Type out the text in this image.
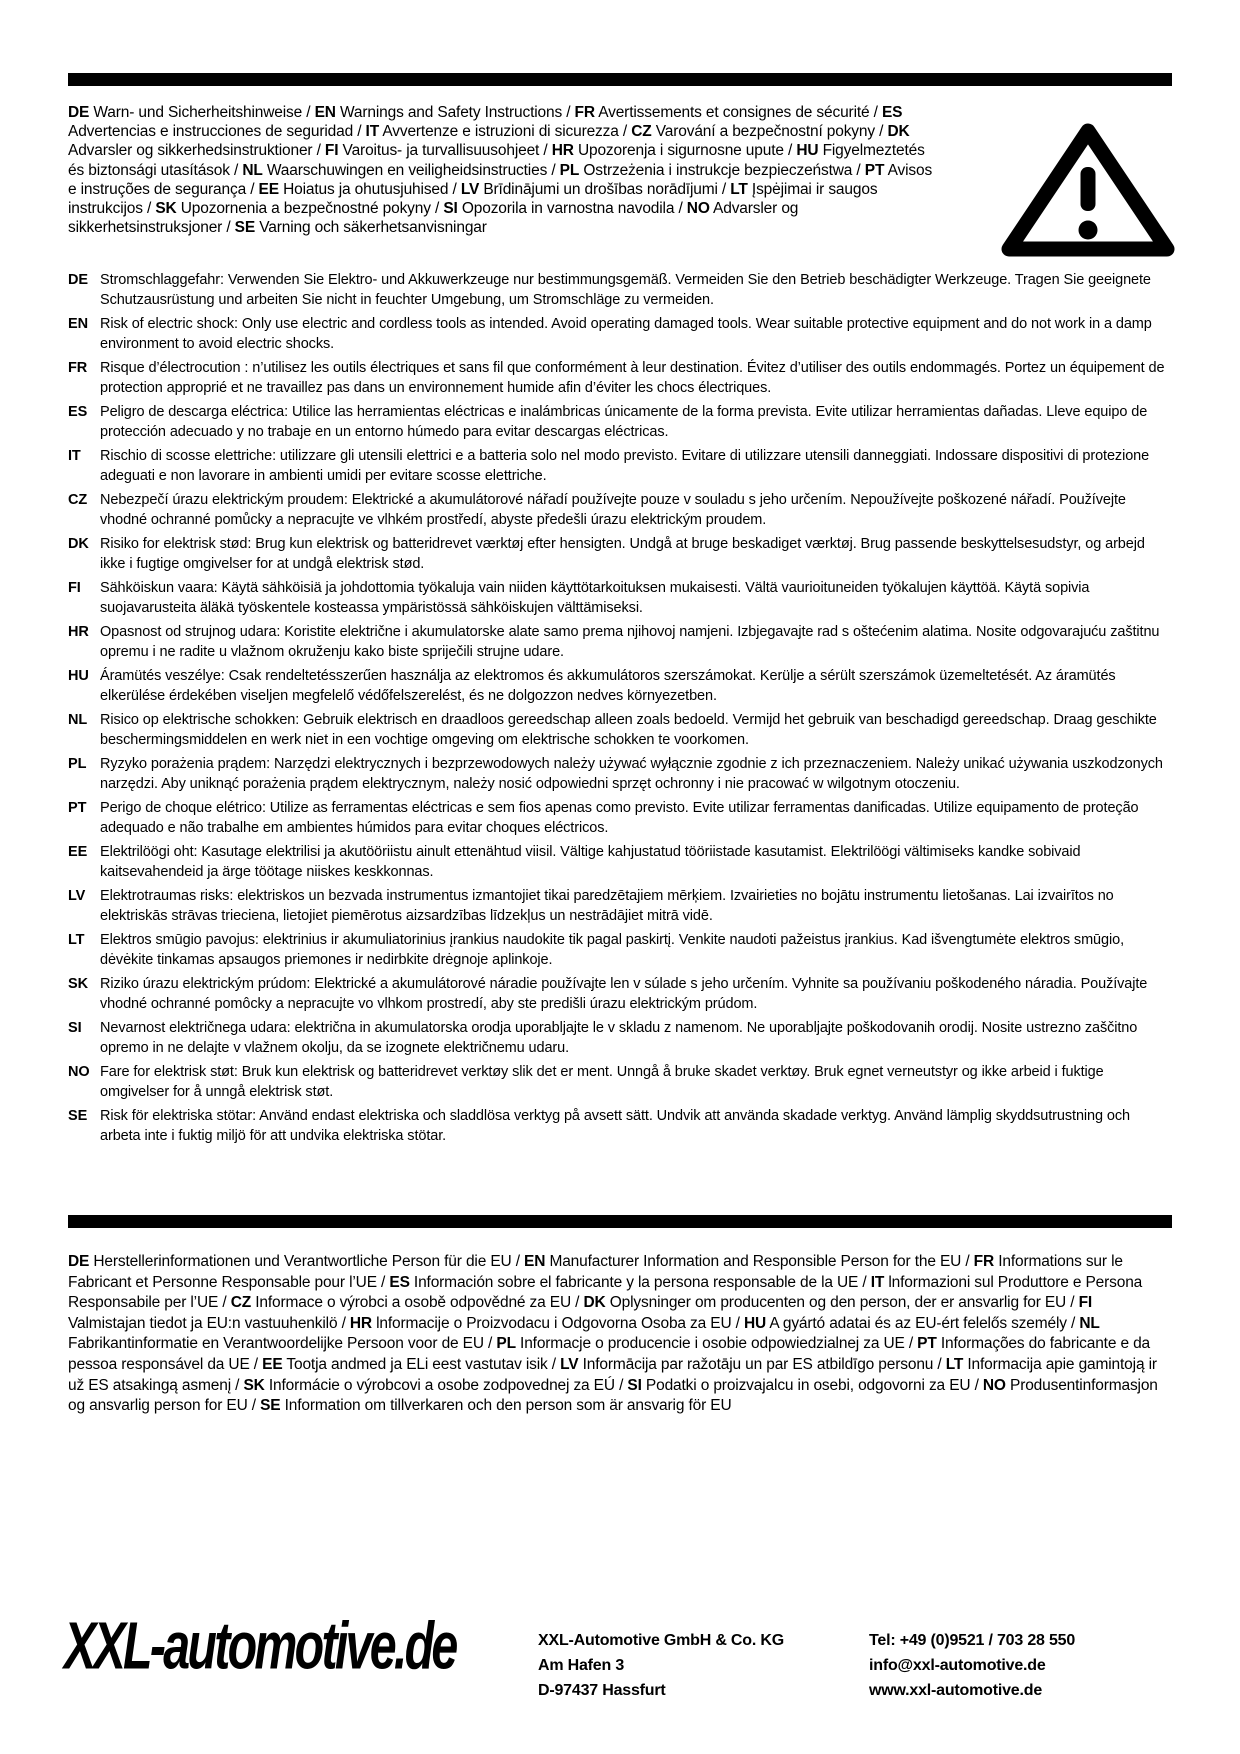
DE Warn- und Sicherheitshinweise / EN Warnings and Safety Instructions / FR Avertissements et consignes de sécurité / ES Advertencias e instrucciones de seguridad / IT Avvertenze e istruzioni di sicurezza / CZ Varování a bezpečnostní pokyny / DK Advarsler og sikkerhedsinstruktioner / FI Varoitus- ja turvallisuusohjeet / HR Upozorenja i sigurnosne upute / HU Figyelmeztetés és biztonsági utasítások / NL Waarschuwingen en veiligheidsinstructies / PL Ostrzeżenia i instrukcje bezpieczeństwa / PT Avisos e instruções de segurança / EE Hoiatus ja ohutusjuhised / LV Brīdinājumi un drošības norādījumi / LT Įspėjimai ir saugos instrukcijos / SK Upozornenia a bezpečnostné pokyny / SI Opozorila in varnostna navodila / NO Advarsler og sikkerhetsinstruksjoner / SE Varning och säkerhetsanvisningar
DE Stromschlaggefahr: Verwenden Sie Elektro- und Akkuwerkzeuge nur bestimmungsgemäß. Vermeiden Sie den Betrieb beschädigter Werkzeuge. Tragen Sie geeignete Schutzausrüstung und arbeiten Sie nicht in feuchter Umgebung, um Stromschläge zu vermeiden.
EN Risk of electric shock: Only use electric and cordless tools as intended. Avoid operating damaged tools. Wear suitable protective equipment and do not work in a damp environment to avoid electric shocks.
FR Risque d’électrocution : n’utilisez les outils électriques et sans fil que conformément à leur destination. Évitez d’utiliser des outils endommagés. Portez un équipement de protection approprié et ne travaillez pas dans un environnement humide afin d’éviter les chocs électriques.
ES Peligro de descarga eléctrica: Utilice las herramientas eléctricas e inalámbricas únicamente de la forma prevista. Evite utilizar herramientas dañadas. Lleve equipo de protección adecuado y no trabaje en un entorno húmedo para evitar descargas eléctricas.
IT	Rischio di scosse elettriche: utilizzare gli utensili elettrici e a batteria solo nel modo previsto. Evitare di utilizzare utensili danneggiati. Indossare dispositivi di protezione adeguati e non lavorare in ambienti umidi per evitare scosse elettriche.
CZ Nebezpečí úrazu elektrickým proudem: Elektrické a akumulátorové nářadí používejte pouze v souladu s jeho určením. Nepoužívejte poškozené nářadí. Používejte vhodné ochranné pomůcky a nepracujte ve vlhkém prostředí, abyste předešli úrazu elektrickým proudem.
DK Risiko for elektrisk stød: Brug kun elektrisk og batteridrevet værktøj efter hensigten. Undgå at bruge beskadiget værktøj. Brug passende beskyttelsesudstyr, og arbejd ikke i fugtige omgivelser for at undgå elektrisk stød.
FI	Sähköiskun vaara: Käytä sähköisiä ja johdottomia työkaluja vain niiden käyttötarkoituksen mukaisesti. Vältä vaurioituneiden työkalujen käyttöä. Käytä sopivia suojavarusteita äläkä työskentele kosteassa ympäristössä sähköiskujen välttämiseksi.
HR Opasnost od strujnog udara: Koristite električne i akumulatorske alate samo prema njihovoj namjeni. Izbjegavajte rad s oštećenim alatima. Nosite odgovarajuću zaštitnu opremu i ne radite u vlažnom okruženju kako biste spriječili strujne udare.
HU Áramütés veszélye: Csak rendeltetésszerűen használja az elektromos és akkumulátoros szerszámokat. Kerülje a sérült szerszámok üzemeltetését. Az áramütés elkerülése érdekében viseljen megfelelő védőfelszerelést, és ne dolgozzon nedves környezetben.
NL Risico op elektrische schokken: Gebruik elektrisch en draadloos gereedschap alleen zoals bedoeld. Vermijd het gebruik van beschadigd gereedschap. Draag geschikte beschermingsmiddelen en werk niet in een vochtige omgeving om elektrische schokken te voorkomen.
PL Ryzyko porażenia prądem: Narzędzi elektrycznych i bezprzewodowych należy używać wyłącznie zgodnie z ich przeznaczeniem. Należy unikać używania uszkodzonych narzędzi. Aby uniknąć porażenia prądem elektrycznym, należy nosić odpowiedni sprzęt ochronny i nie pracować w wilgotnym otoczeniu.
PT Perigo de choque elétrico: Utilize as ferramentas eléctricas e sem fios apenas como previsto. Evite utilizar ferramentas danificadas. Utilize equipamento de proteção adequado e não trabalhe em ambientes húmidos para evitar choques eléctricos.
EE Elektrilöögi oht: Kasutage elektrilisi ja akutööriistu ainult ettenähtud viisil. Vältige kahjustatud tööriistade kasutamist. Elektrilöögi vältimiseks kandke sobivaid kaitsevahendeid ja ärge töötage niiskes keskkonnas.
LV	Elektrotraumas risks: elektriskos un bezvada instrumentus izmantojiet tikai paredzētajiem mērķiem. Izvairieties no bojātu instrumentu lietošanas. Lai izvairītos no elektriskās strāvas trieciena, lietojiet piemērotus aizsardzības līdzekļus un nestrādājiet mitrā vidē.
LT	Elektros smūgio pavojus: elektrinius ir akumuliatorinius įrankius naudokite tik pagal paskirtį. Venkite naudoti pažeistus įrankius. Kad išvengtumėte elektros smūgio, dėvėkite tinkamas apsaugos priemones ir nedirbkite drėgnoje aplinkoje.
SK Riziko úrazu elektrickým prúdom: Elektrické a akumulátorové náradie používajte len v súlade s jeho určením. Vyhnite sa používaniu poškodeného náradia. Používajte vhodné ochranné pomôcky a nepracujte vo vlhkom prostredí, aby ste predišli úrazu elektrickým prúdom.
SI	Nevarnost električnega udara: električna in akumulatorska orodja uporabljajte le v skladu z namenom. Ne uporabljajte poškodovanih orodij. Nosite ustrezno zaščitno opremo in ne delajte v vlažnem okolju, da se izognete električnemu udaru.
NO Fare for elektrisk støt: Bruk kun elektrisk og batteridrevet verktøy slik det er ment. Unngå å bruke skadet verktøy. Bruk egnet verneutstyr og ikke arbeid i fuktige omgivelser for å unngå elektrisk støt.
SE Risk för elektriska stötar: Använd endast elektriska och sladdlösa verktyg på avsett sätt. Undvik att använda skadade verktyg. Använd lämplig skyddsutrustning och arbeta inte i fuktig miljö för att undvika elektriska stötar.
DE Herstellerinformationen und Verantwortliche Person für die EU / EN Manufacturer Information and Responsible Person for the EU / FR Informations sur le Fabricant et Personne Responsable pour l’UE / ES Información sobre el fabricante y la persona responsable de la UE / IT lnformazioni sul Produttore e Persona Responsabile per l’UE / CZ Informace o výrobci a osobě odpovědné za EU / DK Oplysninger om producenten og den person, der er ansvarlig for EU / FI Valmistajan tiedot ja EU:n vastuuhenkilö / HR lnformacije o Proizvodacu i Odgovorna Osoba za EU / HU A gyártó adatai és az EU-ért felelős személy / NL Fabrikantinformatie en Verantwoordelijke Persoon voor de EU / PL Informacje o producencie i osobie odpowiedzialnej za UE / PT Informações do fabricante e da pessoa responsável da UE / EE Tootja andmed ja ELi eest vastutav isik / LV Informācija par ražotāju un par ES atbildīgo personu / LT Informacija apie gamintoją ir už ES atsakingą asmenį / SK Informácie o výrobcovi a osobe zodpovednej za EÚ / SI Podatki o proizvajalcu in osebi, odgovorni za EU / NO Produsentinformasjon og ansvarlig person for EU / SE Information om tillverkaren och den person som är ansvarig för EU
XXL-automotive.de	XXL-Automotive GmbH & Co. KG
Am Hafen 3
D-97437 Hassfurt
Tel: +49 (0)9521 / 703 28 550
info@xxl-automotive.de
www.xxl-automotive.de
